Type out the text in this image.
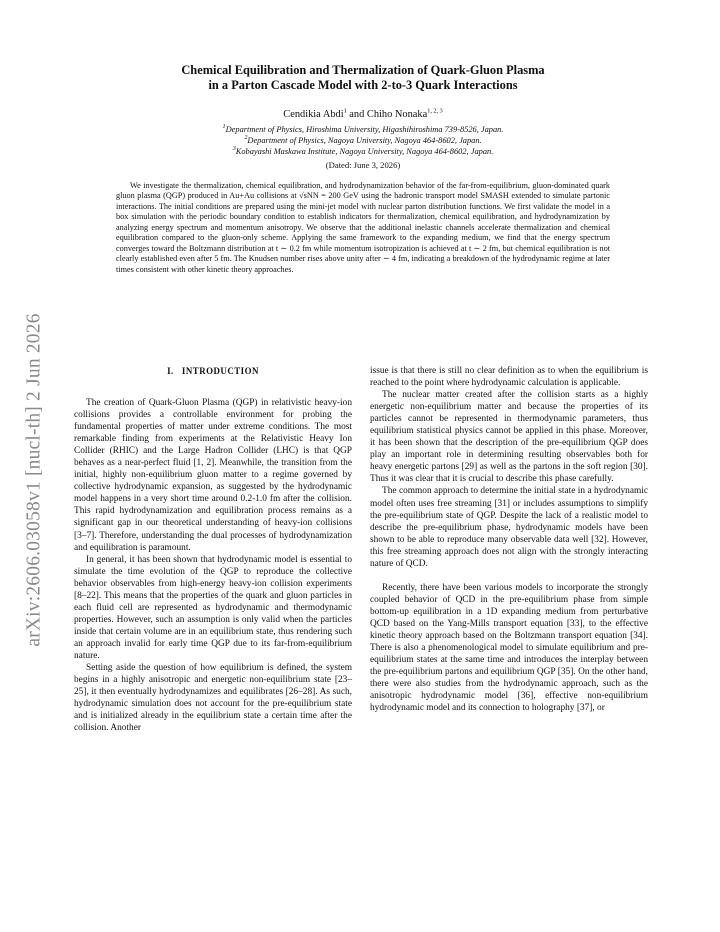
arXiv:2606.03058v1 [nucl-th] 2 Jun 2026
Chemical Equilibration and Thermalization of Quark-Gluon Plasma
in a Parton Cascade Model with 2-to-3 Quark Interactions
Cendikia Abdi$^1$ and Chiho Nonaka$^{1, 2, 3}$
$^1$Department of Physics, Hiroshima University, Higashihiroshima 739-8526, Japan.
$^2$Department of Physics, Nagoya University, Nagoya 464-8602, Japan.
$^3$Kobayashi Maskawa Institute, Nagoya University, Nagoya 464-8602, Japan.
(Dated: June 3, 2026)
We investigate the thermalization, chemical equilibration, and hydrodynamization behavior of the far-from-equilibrium, gluon-dominated quark gluon plasma (QGP) produced in Au+Au collisions at √sNN = 200 GeV using the hadronic transport model SMASH extended to simulate partonic interactions. The initial conditions are prepared using the mini-jet model with nuclear parton distribution functions. We first validate the model in a box simulation with the periodic boundary condition to establish indicators for thermalization, chemical equilibration, and hydrodynamization by analyzing energy spectrum and momentum anisotropy. We observe that the additional inelastic channels accelerate thermalization and chemical equilibration compared to the gluon-only scheme. Applying the same framework to the expanding medium, we find that the energy spectrum converges toward the Boltzmann distribution at t ∼ 0.2 fm while momentum isotropization is achieved at t ∼ 2 fm, but chemical equilibration is not clearly established even after 5 fm. The Knudsen number rises above unity after ∼ 4 fm, indicating a breakdown of the hydrodynamic regime at later times consistent with other kinetic theory approaches.
I. INTRODUCTION

The creation of Quark-Gluon Plasma (QGP) in relativistic heavy-ion collisions provides a controllable environment for probing the fundamental properties of matter under extreme conditions. The most remarkable finding from experiments at the Relativistic Heavy Ion Collider (RHIC) and the Large Hadron Collider (LHC) is that QGP behaves as a near-perfect fluid [1, 2]. Meanwhile, the transition from the initial, highly non-equilibrium gluon matter to a regime governed by collective hydrodynamic expansion, as suggested by the hydrodynamic model happens in a very short time around 0.2-1.0 fm after the collision. This rapid hydrodynamization and equilibration process remains as a significant gap in our theoretical understanding of heavy-ion collisions [3–7]. Therefore, understanding the dual processes of hydrodynamization and equilibration is paramount.

In general, it has been shown that hydrodynamic model is essential to simulate the time evolution of the QGP to reproduce the collective behavior observables from high-energy heavy-ion collision experiments [8–22]. This means that the properties of the quark and gluon particles in each fluid cell are represented as hydrodynamic and thermodynamic properties. However, such an assumption is only valid when the particles inside that certain volume are in an equilibrium state, thus rendering such an approach invalid for early time QGP due to its far-from-equilibrium nature.

Setting aside the question of how equilibrium is defined, the system begins in a highly anisotropic and energetic non-equilibrium state [23–25], it then eventually hydrodynamizes and equilibrates [26–28]. As such, hydrodynamic simulation does not account for the pre-equilibrium state and is initialized already in the equilibrium state a certain time after the collision. Another

issue is that there is still no clear definition as to when the equilibrium is reached to the point where hydrodynamic calculation is applicable.

The nuclear matter created after the collision starts as a highly energetic non-equilibrium matter and because the properties of its particles cannot be represented in thermodynamic parameters, thus equilibrium statistical physics cannot be applied in this phase. Moreover, it has been shown that the description of the pre-equilibrium QGP does play an important role in determining resulting observables both for heavy energetic partons [29] as well as the partons in the soft region [30]. Thus it was clear that it is crucial to describe this phase carefully.

The common approach to determine the initial state in a hydrodynamic model often uses free streaming [31] or includes assumptions to simplify the pre-equilibrium state of QGP. Despite the lack of a realistic model to describe the pre-equilibrium phase, hydrodynamic models have been shown to be able to reproduce many observable data well [32]. However, this free streaming approach does not align with the strongly interacting nature of QCD.

Recently, there have been various models to incorporate the strongly coupled behavior of QCD in the pre-equilibrium phase from simple bottom-up equilibration in a 1D expanding medium from perturbative QCD based on the Yang-Mills transport equation [33], to the effective kinetic theory approach based on the Boltzmann transport equation [34]. There is also a phenomenological model to simulate equilibrium and pre-equilibrium states at the same time and introduces the interplay between the pre-equilibrium partons and equilibrium QGP [35]. On the other hand, there were also studies from the hydrodynamic approach, such as the anisotropic hydrodynamic model [36], effective non-equilibrium hydrodynamic model and its connection to holography [37], or
